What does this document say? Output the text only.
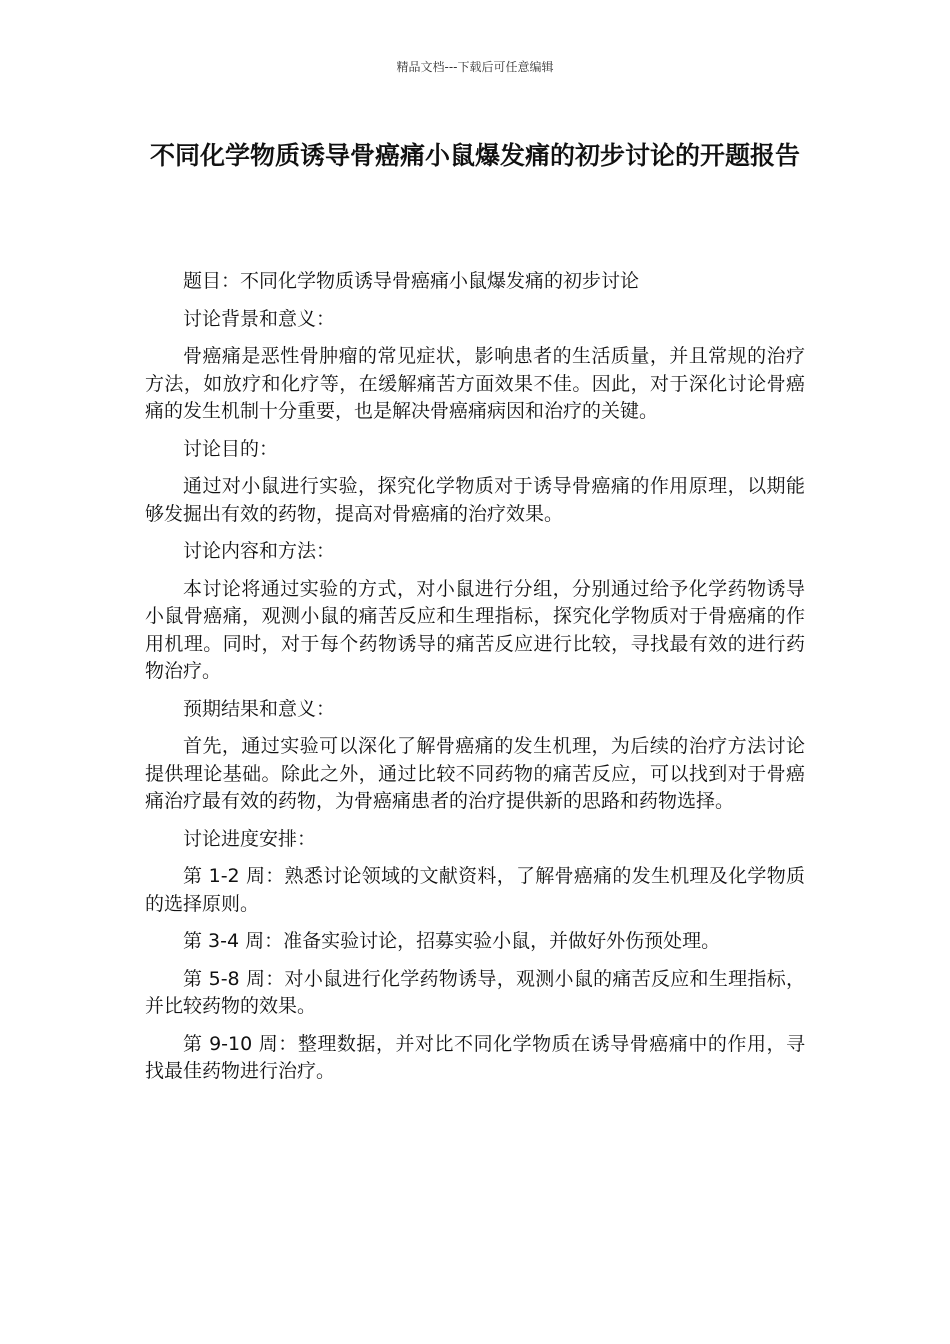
精品文档---下载后可任意编辑
不同化学物质诱导骨癌痛小鼠爆发痛的初步讨论的开题报告

题目：不同化学物质诱导骨癌痛小鼠爆发痛的初步讨论

讨论背景和意义：

骨癌痛是恶性骨肿瘤的常见症状，影响患者的生活质量，并且常规的治疗方法，如放疗和化疗等，在缓解痛苦方面效果不佳。因此，对于深化讨论骨癌痛的发生机制十分重要，也是解决骨癌痛病因和治疗的关键。

讨论目的：

通过对小鼠进行实验，探究化学物质对于诱导骨癌痛的作用原理，以期能够发掘出有效的药物，提高对骨癌痛的治疗效果。

讨论内容和方法：

本讨论将通过实验的方式，对小鼠进行分组，分别通过给予化学药物诱导小鼠骨癌痛，观测小鼠的痛苦反应和生理指标，探究化学物质对于骨癌痛的作用机理。同时，对于每个药物诱导的痛苦反应进行比较，寻找最有效的进行药物治疗。

预期结果和意义：

首先，通过实验可以深化了解骨癌痛的发生机理，为后续的治疗方法讨论提供理论基础。除此之外，通过比较不同药物的痛苦反应，可以找到对于骨癌痛治疗最有效的药物，为骨癌痛患者的治疗提供新的思路和药物选择。

讨论进度安排：

第 1-2 周：熟悉讨论领域的文献资料，了解骨癌痛的发生机理及化学物质的选择原则。

第 3-4 周：准备实验讨论，招募实验小鼠，并做好外伤预处理。

第 5-8 周：对小鼠进行化学药物诱导，观测小鼠的痛苦反应和生理指标，并比较药物的效果。

第 9-10 周：整理数据，并对比不同化学物质在诱导骨癌痛中的作用，寻找最佳药物进行治疗。
